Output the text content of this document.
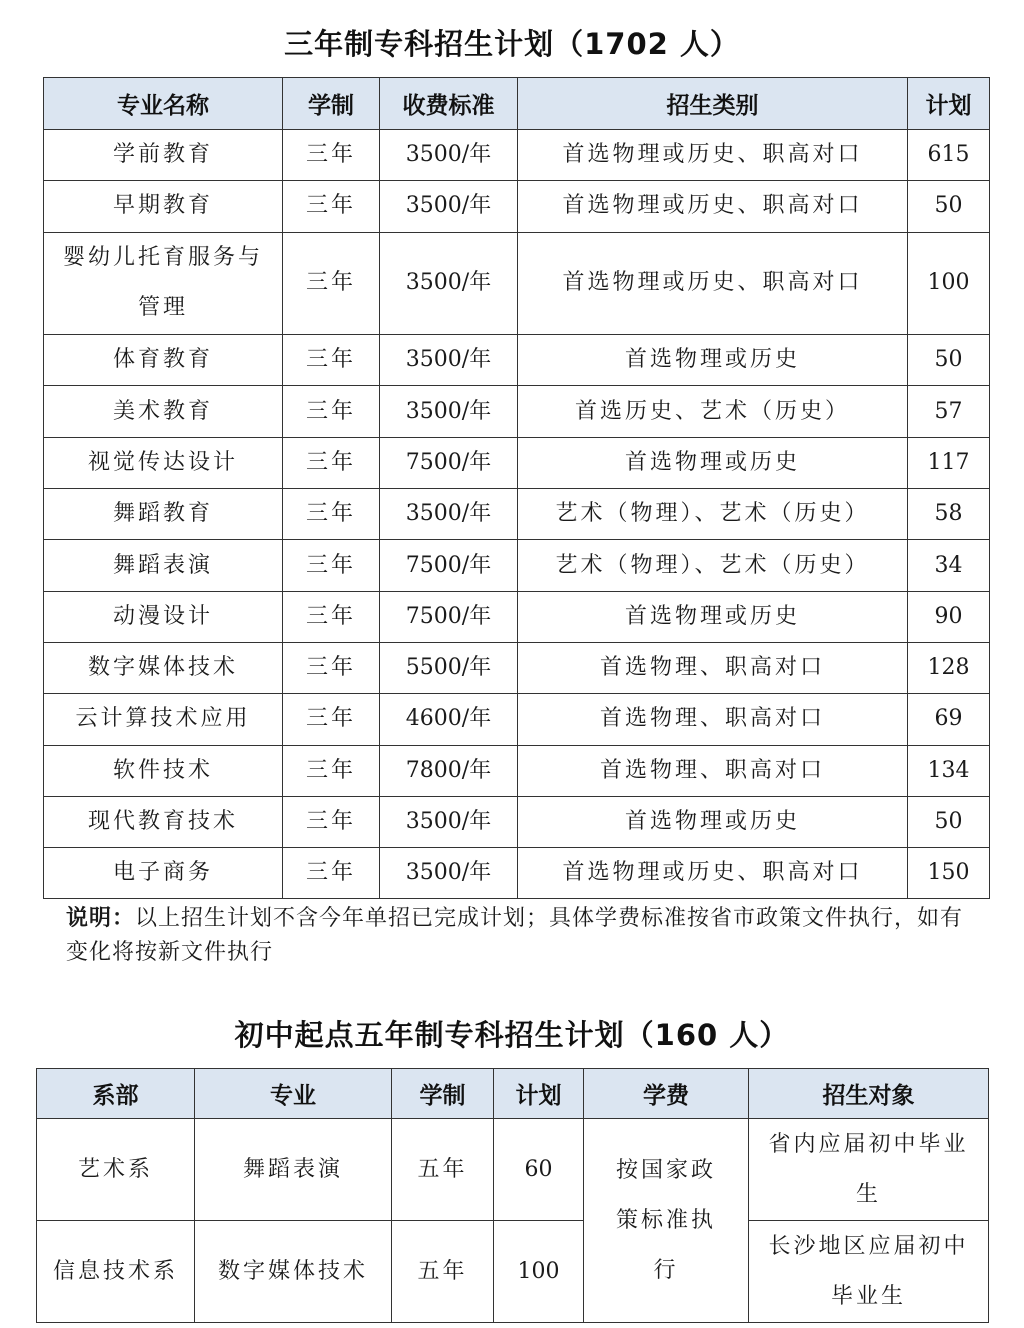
三年制专科招生计划（1702 人）
专业名称	学制	收费标准	招生类别	计划
学前教育	三年	3500/年	首选物理或历史、职高对口	615
早期教育	三年	3500/年	首选物理或历史、职高对口	50
婴幼儿托育服务与管理	三年	3500/年	首选物理或历史、职高对口	100
体育教育	三年	3500/年	首选物理或历史	50
美术教育	三年	3500/年	首选历史、艺术（历史）	57
视觉传达设计	三年	7500/年	首选物理或历史	117
舞蹈教育	三年	3500/年	艺术（物理）、艺术（历史）	58
舞蹈表演	三年	7500/年	艺术（物理）、艺术（历史）	34
动漫设计	三年	7500/年	首选物理或历史	90
数字媒体技术	三年	5500/年	首选物理、职高对口	128
云计算技术应用	三年	4600/年	首选物理、职高对口	69
软件技术	三年	7800/年	首选物理、职高对口	134
现代教育技术	三年	3500/年	首选物理或历史	50
电子商务	三年	3500/年	首选物理或历史、职高对口	150
说明：以上招生计划不含今年单招已完成计划；具体学费标准按省市政策文件执行，如有变化将按新文件执行
初中起点五年制专科招生计划（160 人）
系部	专业	学制	计划	学费	招生对象
艺术系	舞蹈表演	五年	60	按国家政策标准执行	省内应届初中毕业生
信息技术系	数字媒体技术	五年	100		长沙地区应届初中毕业生
